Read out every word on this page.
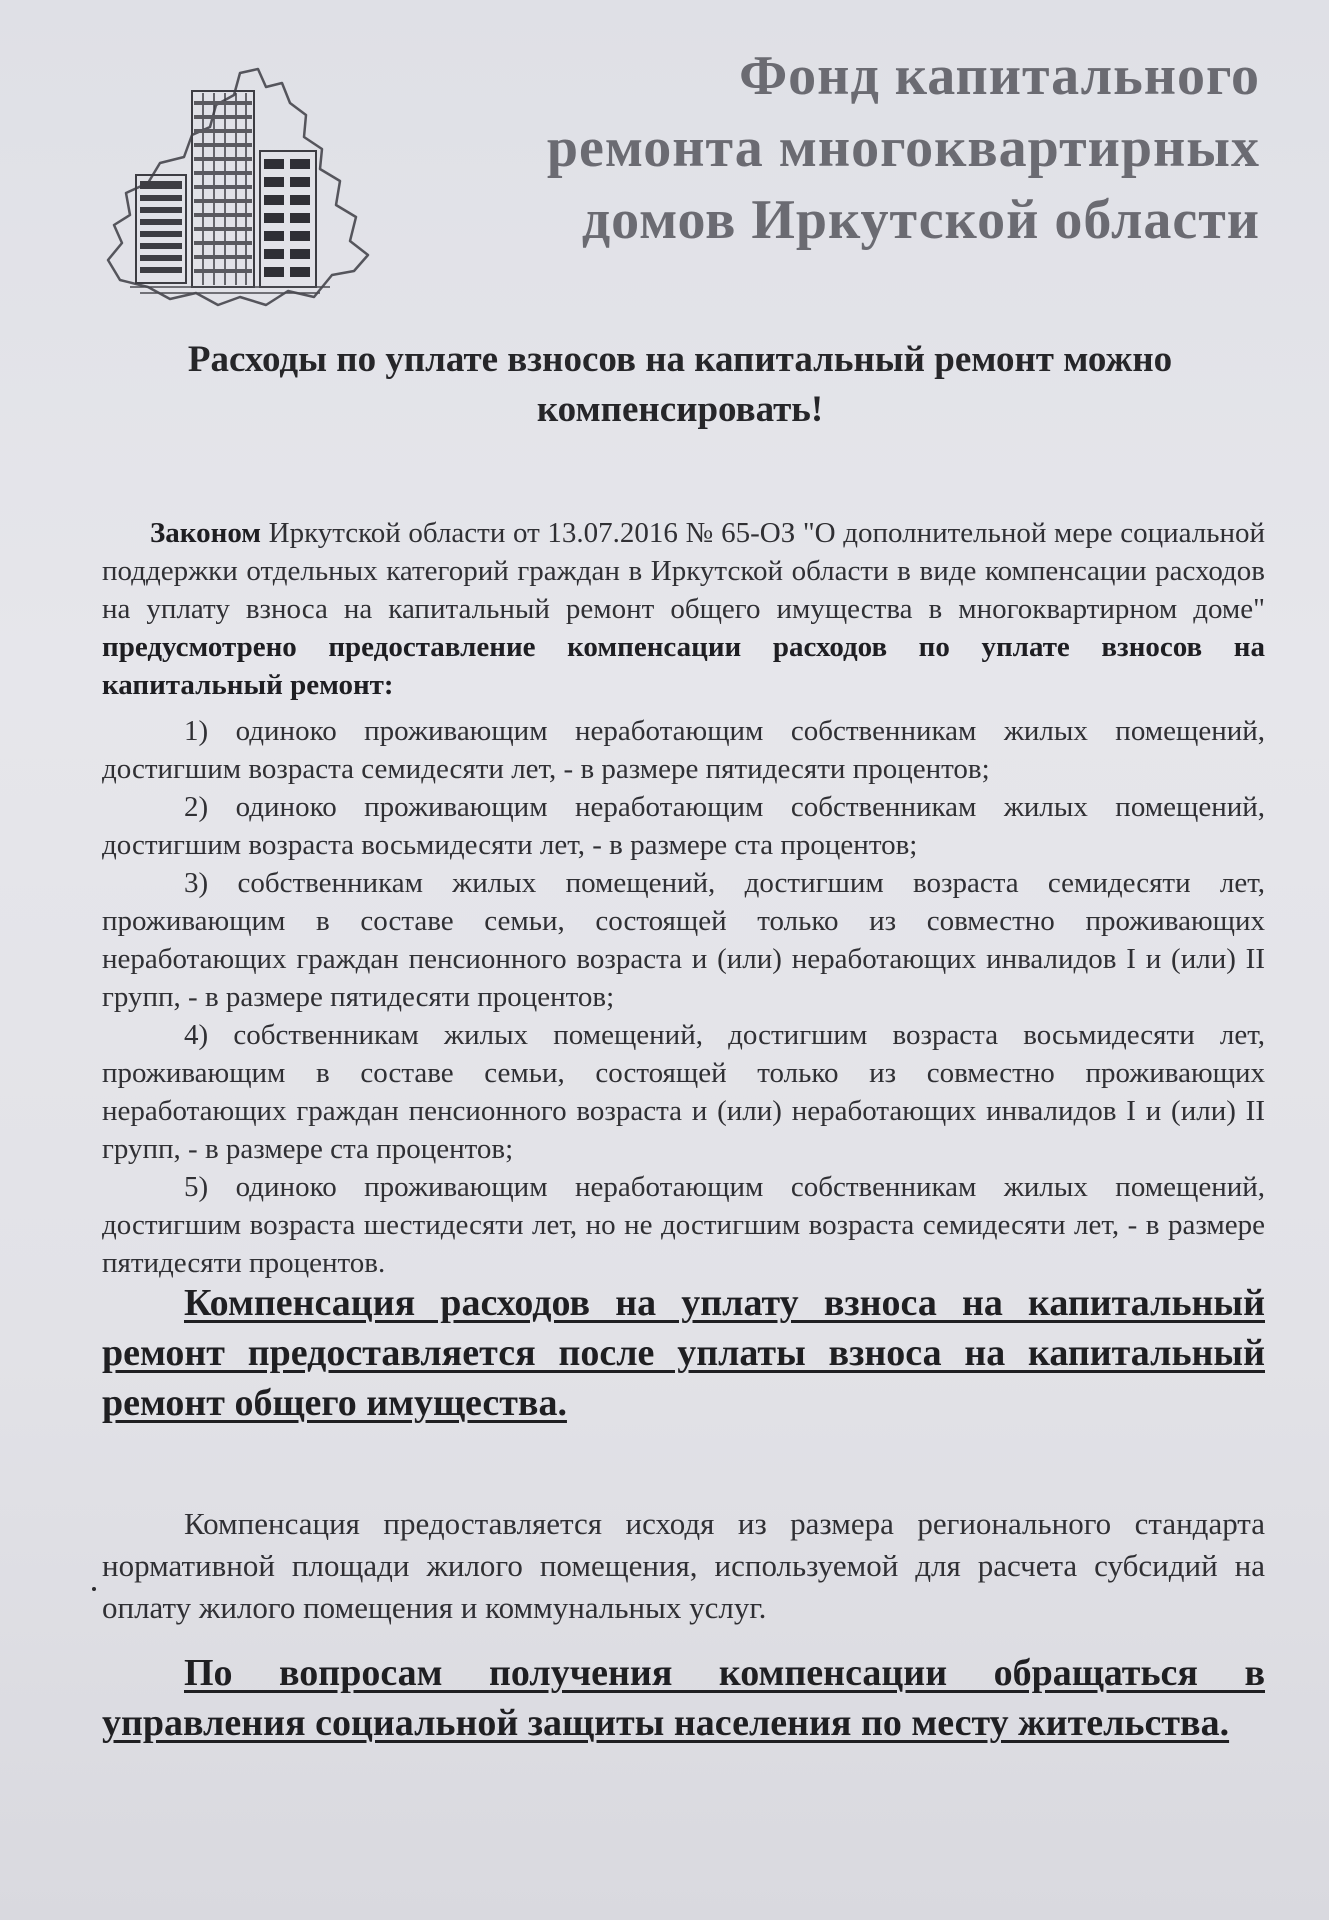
Фонд капитального
ремонта многоквартирных
домов Иркутской области
Расходы по уплате взносов на капитальный ремонт можно
компенсировать!

Законом Иркутской области от 13.07.2016 № 65-ОЗ "О дополнительной мере социальной поддержки отдельных категорий граждан в Иркутской области в виде компенсации расходов на уплату взноса на капитальный ремонт общего имущества в многоквартирном доме" предусмотрено предоставление компенсации расходов по уплате взносов на капитальный ремонт:

1) одиноко проживающим неработающим собственникам жилых помещений, достигшим возраста семидесяти лет, - в размере пятидесяти процентов;
2) одиноко проживающим неработающим собственникам жилых помещений, достигшим возраста восьмидесяти лет, - в размере ста процентов;
3) собственникам жилых помещений, достигшим возраста семидесяти лет, проживающим в составе семьи, состоящей только из совместно проживающих неработающих граждан пенсионного возраста и (или) неработающих инвалидов I и (или) II групп, - в размере пятидесяти процентов;
4) собственникам жилых помещений, достигшим возраста восьмидесяти лет, проживающим в составе семьи, состоящей только из совместно проживающих неработающих граждан пенсионного возраста и (или) неработающих инвалидов I и (или) II групп, - в размере ста процентов;
5) одиноко проживающим неработающим собственникам жилых помещений, достигшим возраста шестидесяти лет, но не достигшим возраста семидесяти лет, - в размере пятидесяти процентов.
Компенсация расходов на уплату взноса на капитальный ремонт предоставляется после уплаты взноса на капитальный ремонт общего имущества.

Компенсация предоставляется исходя из размера регионального стандарта нормативной площади жилого помещения, используемой для расчета субсидий на оплату жилого помещения и коммунальных услуг.

По вопросам получения компенсации обращаться в управления социальной защиты населения по месту жительства.
